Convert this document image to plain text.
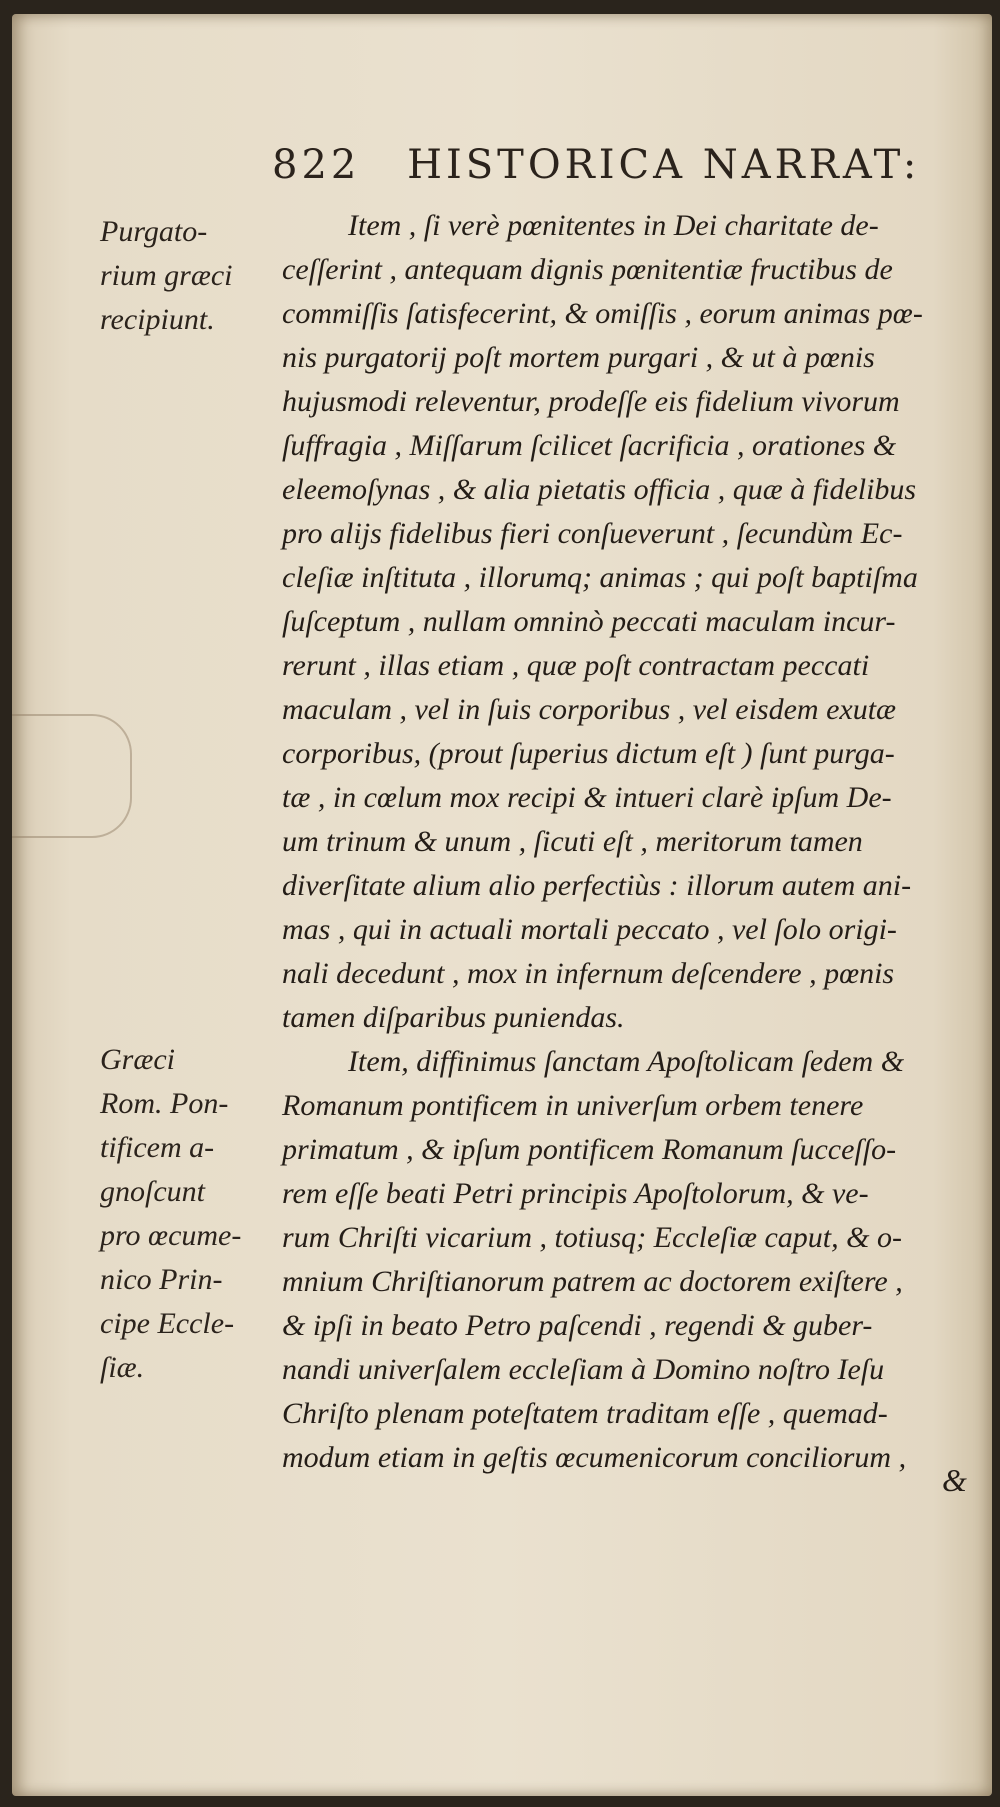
822 HISTORICA NARRAT:
Purgato-
rium græci
recipiunt.
Græci
Rom. Pon-
tificem a-
gnoſcunt
pro œcume-
nico Prin-
cipe Eccle-
ſiæ.
Item , ſi verè pœnitentes in Dei charitate de-
ceſſerint , antequam dignis pœnitentiæ fructibus de
commiſſis ſatisfecerint, & omiſſis , eorum animas pœ-
nis purgatorij poſt mortem purgari , & ut à pœnis
hujusmodi releventur, prodeſſe eis fidelium vivorum
ſuffragia , Miſſarum ſcilicet ſacrificia , orationes &
eleemoſynas , & alia pietatis officia , quæ à fidelibus
pro alijs fidelibus fieri conſueverunt , ſecundùm Ec-
cleſiæ inſtituta , illorumq; animas ; qui poſt baptiſma
ſuſceptum , nullam omninò peccati maculam incur-
rerunt , illas etiam , quæ poſt contractam peccati
maculam , vel in ſuis corporibus , vel eisdem exutæ
corporibus, (prout ſuperius dictum eſt ) ſunt purga-
tæ , in cœlum mox recipi & intueri clarè ipſum De-
um trinum & unum , ſicuti eſt , meritorum tamen
diverſitate alium alio perfectiùs : illorum autem ani-
mas , qui in actuali mortali peccato , vel ſolo origi-
nali decedunt , mox in infernum deſcendere , pœnis
tamen diſparibus puniendas.
Item, diffinimus ſanctam Apoſtolicam ſedem &
Romanum pontificem in univerſum orbem tenere
primatum , & ipſum pontificem Romanum ſucceſſo-
rem eſſe beati Petri principis Apoſtolorum, & ve-
rum Chriſti vicarium , totiusq; Eccleſiæ caput, & o-
mnium Chriſtianorum patrem ac doctorem exiſtere ,
& ipſi in beato Petro paſcendi , regendi & guber-
nandi univerſalem eccleſiam à Domino noſtro Ieſu
Chriſto plenam poteſtatem traditam eſſe , quemad-
modum etiam in geſtis œcumenicorum conciliorum ,
&
